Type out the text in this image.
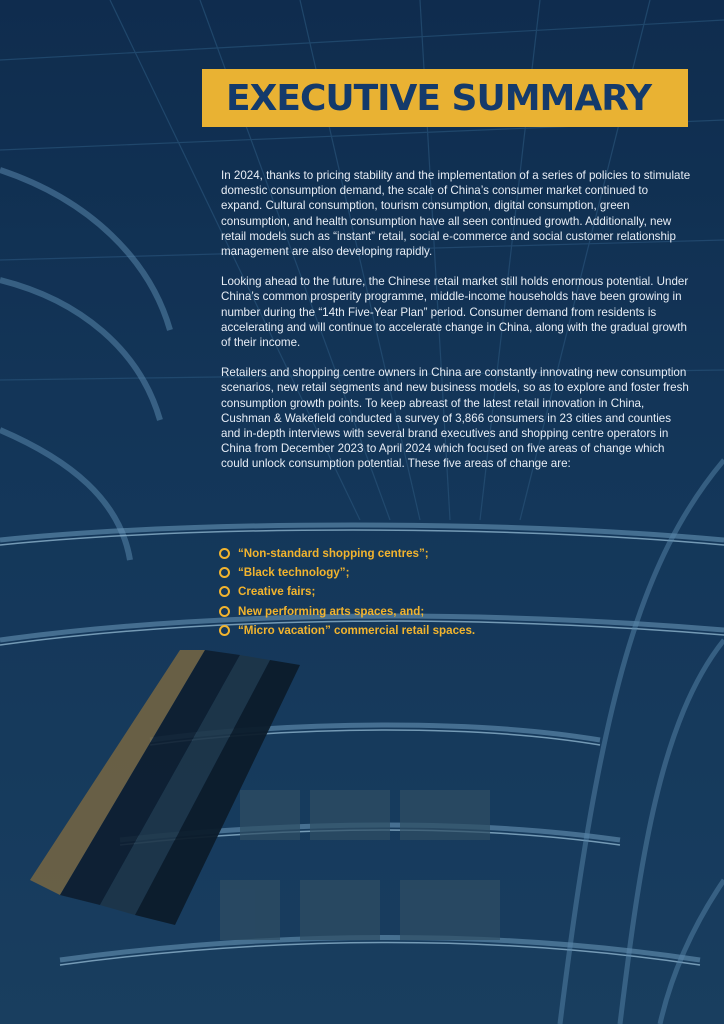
EXECUTIVE SUMMARY

In 2024, thanks to pricing stability and the implementation of a series of policies to stimulate domestic consumption demand, the scale of China’s consumer market continued to expand. Cultural consumption, tourism consumption, digital consumption, green consumption, and health consumption have all seen continued growth. Additionally, new retail models such as “instant” retail, social e-commerce and social customer relationship management are also developing rapidly.

Looking ahead to the future, the Chinese retail market still holds enormous potential. Under China’s common prosperity programme, middle-income households have been growing in number during the “14th Five-Year Plan” period. Consumer demand from residents is accelerating and will continue to accelerate change in China, along with the gradual growth of their income.

Retailers and shopping centre owners in China are constantly innovating new consumption scenarios, new retail segments and new business models, so as to explore and foster fresh consumption growth points. To keep abreast of the latest retail innovation in China, Cushman & Wakefield conducted a survey of 3,866 consumers in 23 cities and counties and in-depth interviews with several brand executives and shopping centre operators in China from December 2023 to April 2024 which focused on five areas of change which could unlock consumption potential. These five areas of change are:

“Non-standard shopping centres”;
“Black technology”;
Creative fairs;
New performing arts spaces, and;
“Micro vacation” commercial retail spaces.
